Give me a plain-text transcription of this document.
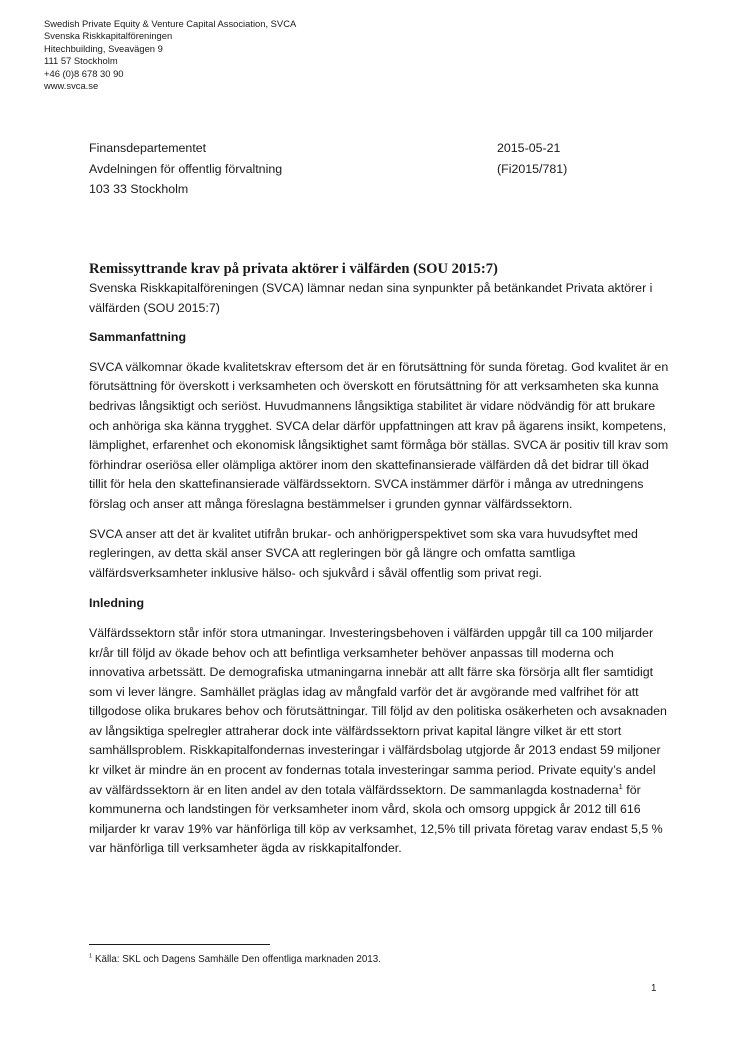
Swedish Private Equity & Venture Capital Association, SVCA
Svenska Riskkapitalföreningen
Hitechbuilding, Sveavägen 9
111 57 Stockholm
+46 (0)8 678 30 90
www.svca.se
Finansdepartementet
Avdelningen för offentlig förvaltning
103 33 Stockholm
2015-05-21
(Fi2015/781)
Remissyttrande krav på privata aktörer i välfärden (SOU 2015:7)

Svenska Riskkapitalföreningen (SVCA) lämnar nedan sina synpunkter på betänkandet Privata aktörer i välfärden (SOU 2015:7)

Sammanfattning

SVCA välkomnar ökade kvalitetskrav eftersom det är en förutsättning för sunda företag. God kvalitet är en förutsättning för överskott i verksamheten och överskott en förutsättning för att verksamheten ska kunna bedrivas långsiktigt och seriöst. Huvudmannens långsiktiga stabilitet är vidare nödvändig för att brukare och anhöriga ska känna trygghet. SVCA delar därför uppfattningen att krav på ägarens insikt, kompetens, lämplighet, erfarenhet och ekonomisk långsiktighet samt förmåga bör ställas. SVCA är positiv till krav som förhindrar oseriösa eller olämpliga aktörer inom den skattefinansierade välfärden då det bidrar till ökad tillit för hela den skattefinansierade välfärdssektorn. SVCA instämmer därför i många av utredningens förslag och anser att många föreslagna bestämmelser i grunden gynnar välfärdssektorn.

SVCA anser att det är kvalitet utifrån brukar- och anhörigperspektivet som ska vara huvudsyftet med regleringen, av detta skäl anser SVCA att regleringen bör gå längre och omfatta samtliga välfärdsverksamheter inklusive hälso- och sjukvård i såväl offentlig som privat regi.

Inledning

Välfärdssektorn står inför stora utmaningar. Investeringsbehoven i välfärden uppgår till ca 100 miljarder kr/år till följd av ökade behov och att befintliga verksamheter behöver anpassas till moderna och innovativa arbetssätt. De demografiska utmaningarna innebär att allt färre ska försörja allt fler samtidigt som vi lever längre. Samhället präglas idag av mångfald varför det är avgörande med valfrihet för att tillgodose olika brukares behov och förutsättningar. Till följd av den politiska osäkerheten och avsaknaden av långsiktiga spelregler attraherar dock inte välfärdssektorn privat kapital längre vilket är ett stort samhällsproblem. Riskkapitalfondernas investeringar i välfärdsbolag utgjorde år 2013 endast 59 miljoner kr vilket är mindre än en procent av fondernas totala investeringar samma period. Private equity’s andel av välfärdssektorn är en liten andel av den totala välfärdssektorn. De sammanlagda kostnaderna$^1$ för kommunerna och landstingen för verksamheter inom vård, skola och omsorg uppgick år 2012 till 616 miljarder kr varav 19% var hänförliga till köp av verksamhet, 12,5% till privata företag varav endast 5,5 % var hänförliga till verksamheter ägda av riskkapitalfonder.

$^1$ Källa: SKL och Dagens Samhälle Den offentliga marknaden 2013.
1
